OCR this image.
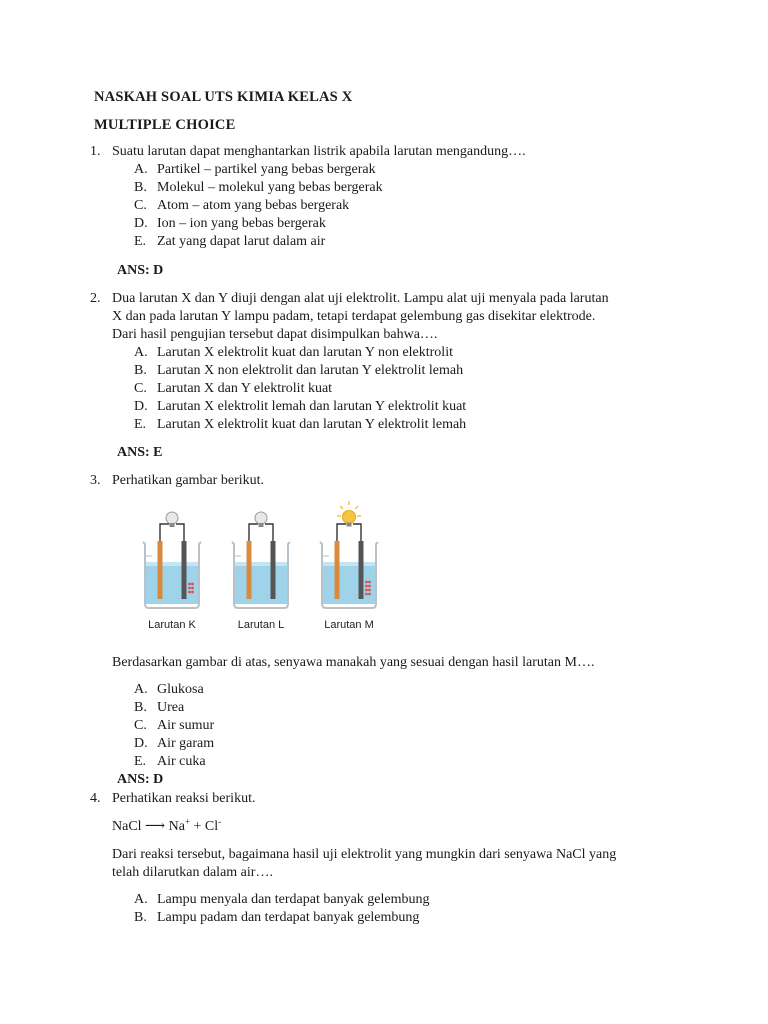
NASKAH SOAL UTS KIMIA KELAS X
MULTIPLE CHOICE
1. Suatu larutan dapat menghantarkan listrik apabila larutan mengandung….
A. Partikel – partikel yang bebas bergerak
B. Molekul – molekul yang bebas bergerak
C. Atom – atom yang bebas bergerak
D. Ion – ion yang bebas bergerak
E. Zat yang dapat larut dalam air
ANS: D
2. Dua larutan X dan Y diuji dengan alat uji elektrolit. Lampu alat uji menyala pada larutan
X dan pada larutan Y lampu padam, tetapi terdapat gelembung gas disekitar elektrode.
Dari hasil pengujian tersebut dapat disimpulkan bahwa….
A. Larutan X elektrolit kuat dan larutan Y non elektrolit
B. Larutan X non elektrolit dan larutan Y elektrolit lemah
C. Larutan X dan Y elektrolit kuat
D. Larutan X elektrolit lemah dan larutan Y elektrolit kuat
E. Larutan X elektrolit kuat dan larutan Y elektrolit lemah
ANS: E
3. Perhatikan gambar berikut.
Larutan K	Larutan L	Larutan M
Berdasarkan gambar di atas, senyawa manakah yang sesuai dengan hasil larutan M….
A. Glukosa
B. Urea
C. Air sumur
D. Air garam
E. Air cuka
ANS: D
4. Perhatikan reaksi berikut.
NaCl ⟶ Na+ + Cl-
Dari reaksi tersebut, bagaimana hasil uji elektrolit yang mungkin dari senyawa NaCl yang
telah dilarutkan dalam air….
A. Lampu menyala dan terdapat banyak gelembung
B. Lampu padam dan terdapat banyak gelembung
